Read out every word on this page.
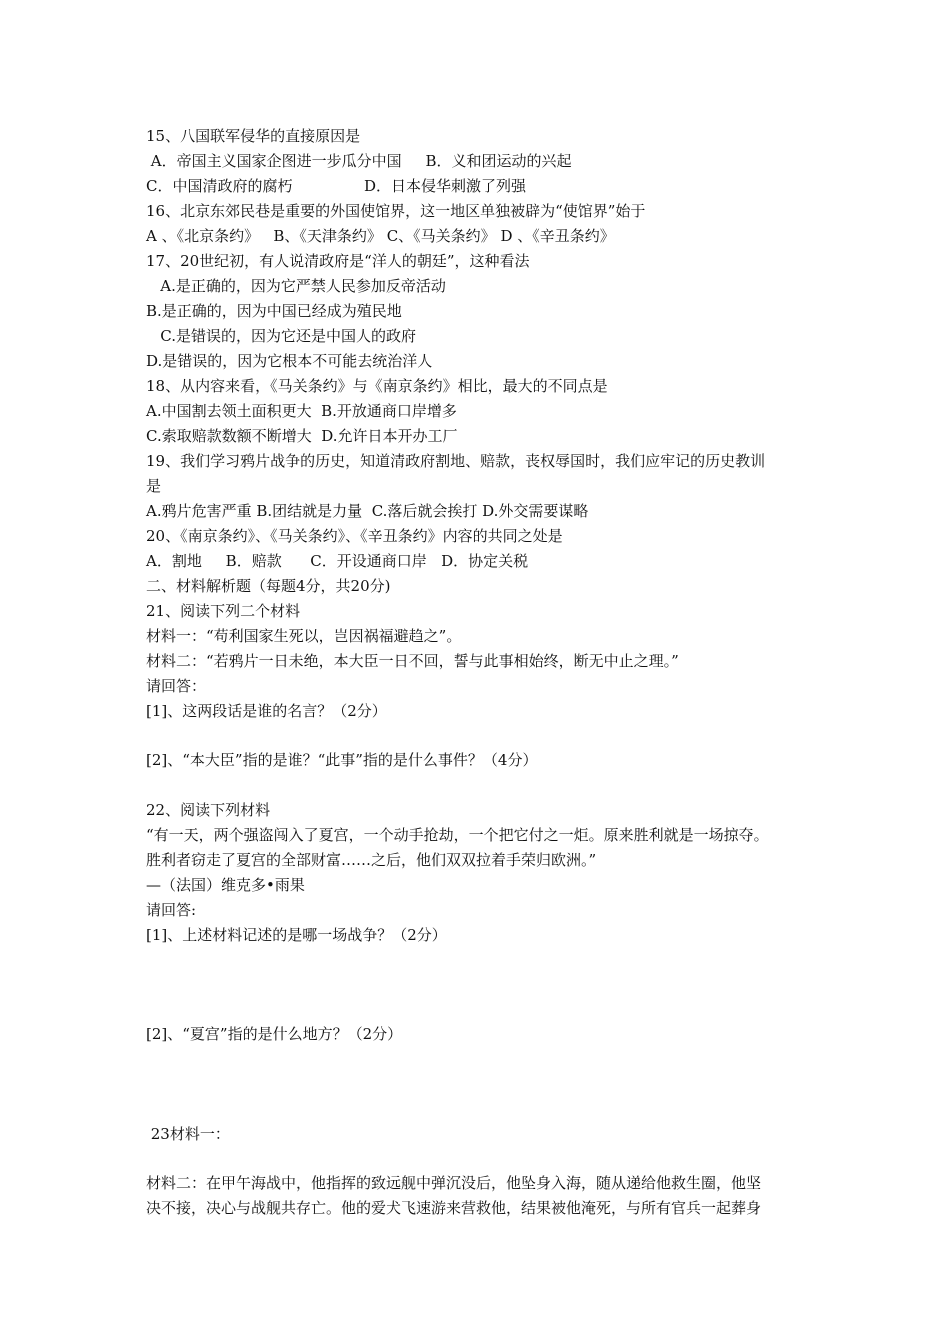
15、八国联军侵华的直接原因是
A．帝国主义国家企图进一步瓜分中国     B．义和团运动的兴起
C．中国清政府的腐朽               D．日本侵华刺激了列强
16、北京东郊民巷是重要的外国使馆界，这一地区单独被辟为“使馆界”始于
A 、《北京条约》   B、《天津条约》 C、《马关条约》 D 、《辛丑条约》
17、20世纪初，有人说清政府是“洋人的朝廷”，这种看法
A.是正确的，因为它严禁人民参加反帝活动
B.是正确的，因为中国已经成为殖民地
C.是错误的，因为它还是中国人的政府
D.是错误的，因为它根本不可能去统治洋人
18、从内容来看，《马关条约》与《南京条约》相比，最大的不同点是
A.中国割去领土面积更大  B.开放通商口岸增多
C.索取赔款数额不断增大  D.允许日本开办工厂
19、我们学习鸦片战争的历史，知道清政府割地、赔款，丧权辱国时，我们应牢记的历史教训
是
A.鸦片危害严重 B.团结就是力量  C.落后就会挨打 D.外交需要谋略
20、《南京条约》、《马关条约》、《辛丑条约》内容的共同之处是
A．割地     B．赔款      C．开设通商口岸   D．协定关税
二、材料解析题（每题4分，共20分)
21、阅读下列二个材料
材料一：“苟利国家生死以，岂因祸福避趋之”。
材料二：“若鸦片一日未绝，本大臣一日不回，誓与此事相始终，断无中止之理。”
请回答：
[1]、这两段话是谁的名言？（2分）
[2]、“本大臣”指的是谁？“此事”指的是什么事件？（4分）
22、阅读下列材料
“有一天，两个强盗闯入了夏宫，一个动手抢劫，一个把它付之一炬。原来胜利就是一场掠夺。
胜利者窃走了夏宫的全部财富……之后，他们双双拉着手荣归欧洲。”
—（法国）维克多•雨果
请回答:
[1]、上述材料记述的是哪一场战争？（2分）
[2]、“夏宫”指的是什么地方？（2分）
23材料一：
材料二：在甲午海战中，他指挥的致远舰中弹沉没后，他坠身入海，随从递给他救生圈，他坚
决不接，决心与战舰共存亡。他的爱犬飞速游来营救他，结果被他淹死，与所有官兵一起葬身
